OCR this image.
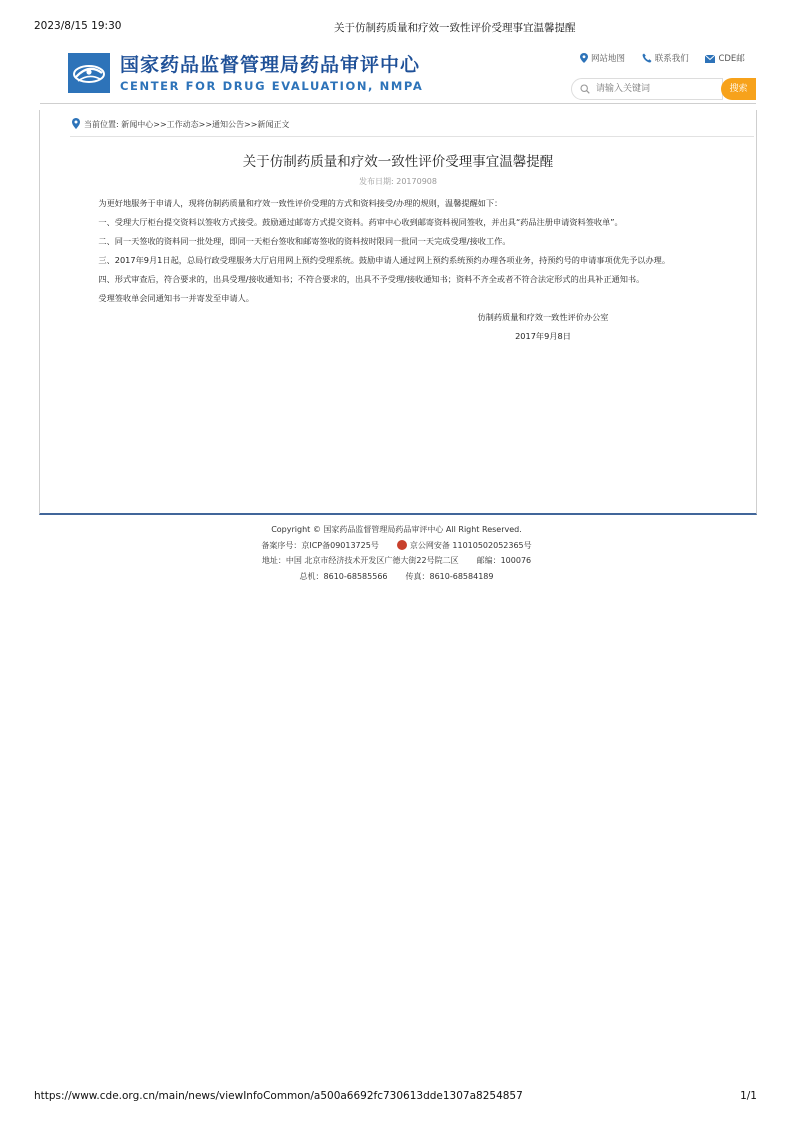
2023/8/15 19:30	关于仿制药质量和疗效一致性评价受理事宜温馨提醒
国家药品监督管理局药品审评中心
CENTER FOR DRUG EVALUATION, NMPA
网站地图	联系我们	CDE邮
请输入关键词
搜索
当前位置: 新闻中心>>工作动态>>通知公告>>新闻正文
关于仿制药质量和疗效一致性评价受理事宜温馨提醒
发布日期: 20170908

为更好地服务于申请人，现将仿制药质量和疗效一致性评价受理的方式和资料接受/办理的规则，温馨提醒如下：

一、受理大厅柜台提交资料以签收方式接受。鼓励通过邮寄方式提交资料。药审中心收到邮寄资料视同签收，并出具“药品注册申请资料签收单”。

二、同一天签收的资料同一批处理，即同一天柜台签收和邮寄签收的资料按时限同一批同一天完成受理/接收工作。

三、2017年9月1日起，总局行政受理服务大厅启用网上预约受理系统。鼓励申请人通过网上预约系统预约办理各项业务，持预约号的申请事项优先予以办理。

四、形式审查后，符合要求的，出具受理/接收通知书；不符合要求的，出具不予受理/接收通知书；资料不齐全或者不符合法定形式的出具补正通知书。

受理签收单会同通知书一并寄发至申请人。

仿制药质量和疗效一致性评价办公室

2017年9月8日

Copyright © 国家药品监督管理局药品审评中心 All Right Reserved.
备案序号：京ICP备09013725号	京公网安备 11010502052365号
地址：中国 北京市经济技术开发区广德大街22号院二区 邮编：100076
总机：8610-68585566 传真：8610-68584189
https://www.cde.org.cn/main/news/viewInfoCommon/a500a6692fc730613dde1307a8254857	1/1
